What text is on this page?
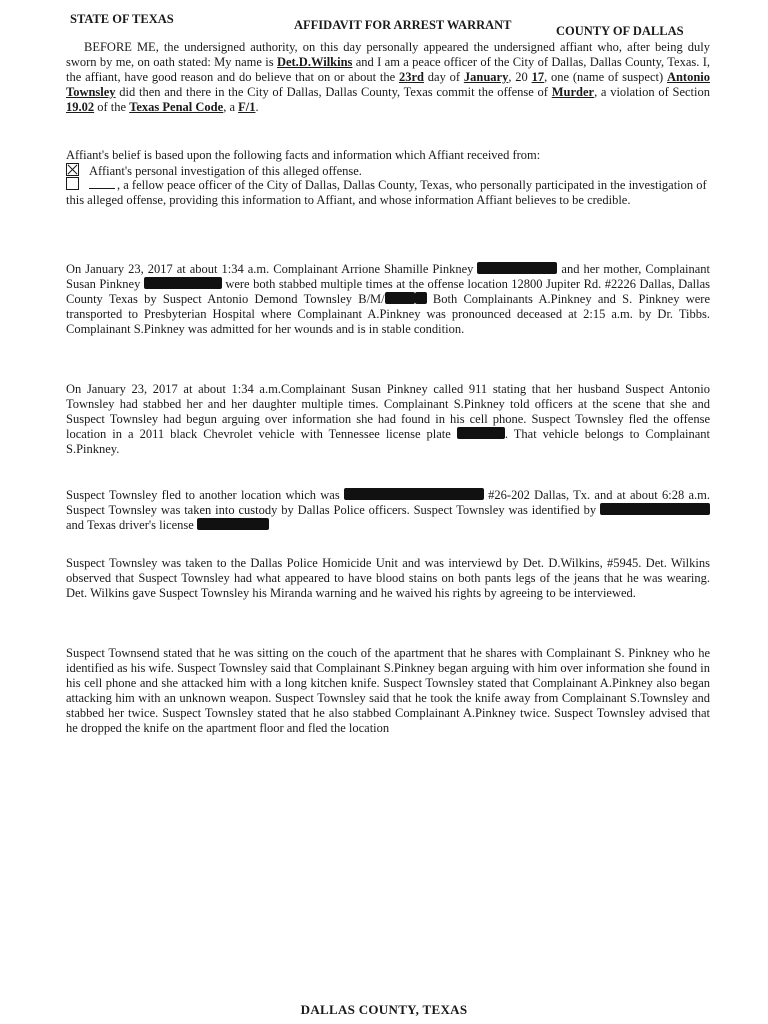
STATE OF TEXAS	AFFIDAVIT FOR ARREST WARRANT	COUNTY OF DALLAS

BEFORE ME, the undersigned authority, on this day personally appeared the undersigned affiant who, after being duly sworn by me, on oath stated: My name is Det.D.Wilkins and I am a peace officer of the City of Dallas, Dallas County, Texas. I, the affiant, have good reason and do believe that on or about the 23rd day of January, 20 17, one (name of suspect) Antonio Townsley did then and there in the City of Dallas, Dallas County, Texas commit the offense of Murder, a violation of Section 19.02 of the Texas Penal Code, a F/1.

Affiant's belief is based upon the following facts and information which Affiant received from:

Affiant's personal investigation of this alleged offense.
, a fellow peace officer of the City of Dallas, Dallas County, Texas, who personally participated in the investigation of this alleged offense, providing this information to Affiant, and whose information Affiant believes to be credible.

On January 23, 2017 at about 1:34 a.m. Complainant Arrione Shamille Pinkney	and her mother, Complainant Susan Pinkney	were both stabbed multiple times at the offense location 12800 Jupiter Rd. #2226 Dallas, Dallas County Texas by Suspect Antonio Demond Townsley B/M/	Both Complainants A.Pinkney and S. Pinkney were transported to Presbyterian Hospital where Complainant A.Pinkney was pronounced deceased at 2:15 a.m. by Dr. Tibbs. Complainant S.Pinkney was admitted for her wounds and is in stable condition.

On January 23, 2017 at about 1:34 a.m.Complainant Susan Pinkney called 911 stating that her husband Suspect Antonio Townsley had stabbed her and her daughter multiple times. Complainant S.Pinkney told officers at the scene that she and Suspect Townsley had begun arguing over information she had found in his cell phone. Suspect Townsley fled the offense location in a 2011 black Chevrolet vehicle with Tennessee license plate	. That vehicle belongs to Complainant S.Pinkney.

Suspect Townsley fled to another location which was	#26-202 Dallas, Tx. and at about 6:28 a.m. Suspect Townsley was taken into custody by Dallas Police officers. Suspect Townsley was identified by  and Texas driver's license

Suspect Townsley was taken to the Dallas Police Homicide Unit and was interviewd by Det. D.Wilkins, #5945. Det. Wilkins observed that Suspect Townsley had what appeared to have blood stains on both pants legs of the jeans that he was wearing. Det. Wilkins gave Suspect Townsley his Miranda warning and he waived his rights by agreeing to be interviewed.

Suspect Townsend stated that he was sitting on the couch of the apartment that he shares with Complainant S. Pinkney who he identified as his wife. Suspect Townsley said that Complainant S.Pinkney began arguing with him over information she found in his cell phone and she attacked him with a long kitchen knife. Suspect Townsley stated that Complainant A.Pinkney also began attacking him with an unknown weapon. Suspect Townsley said that he took the knife away from Complainant S.Townsley and stabbed her twice. Suspect Townsley stated that he also stabbed Complainant A.Pinkney twice. Suspect Townsley advised that he dropped the knife on the apartment floor and fled the location

DALLAS COUNTY, TEXAS
